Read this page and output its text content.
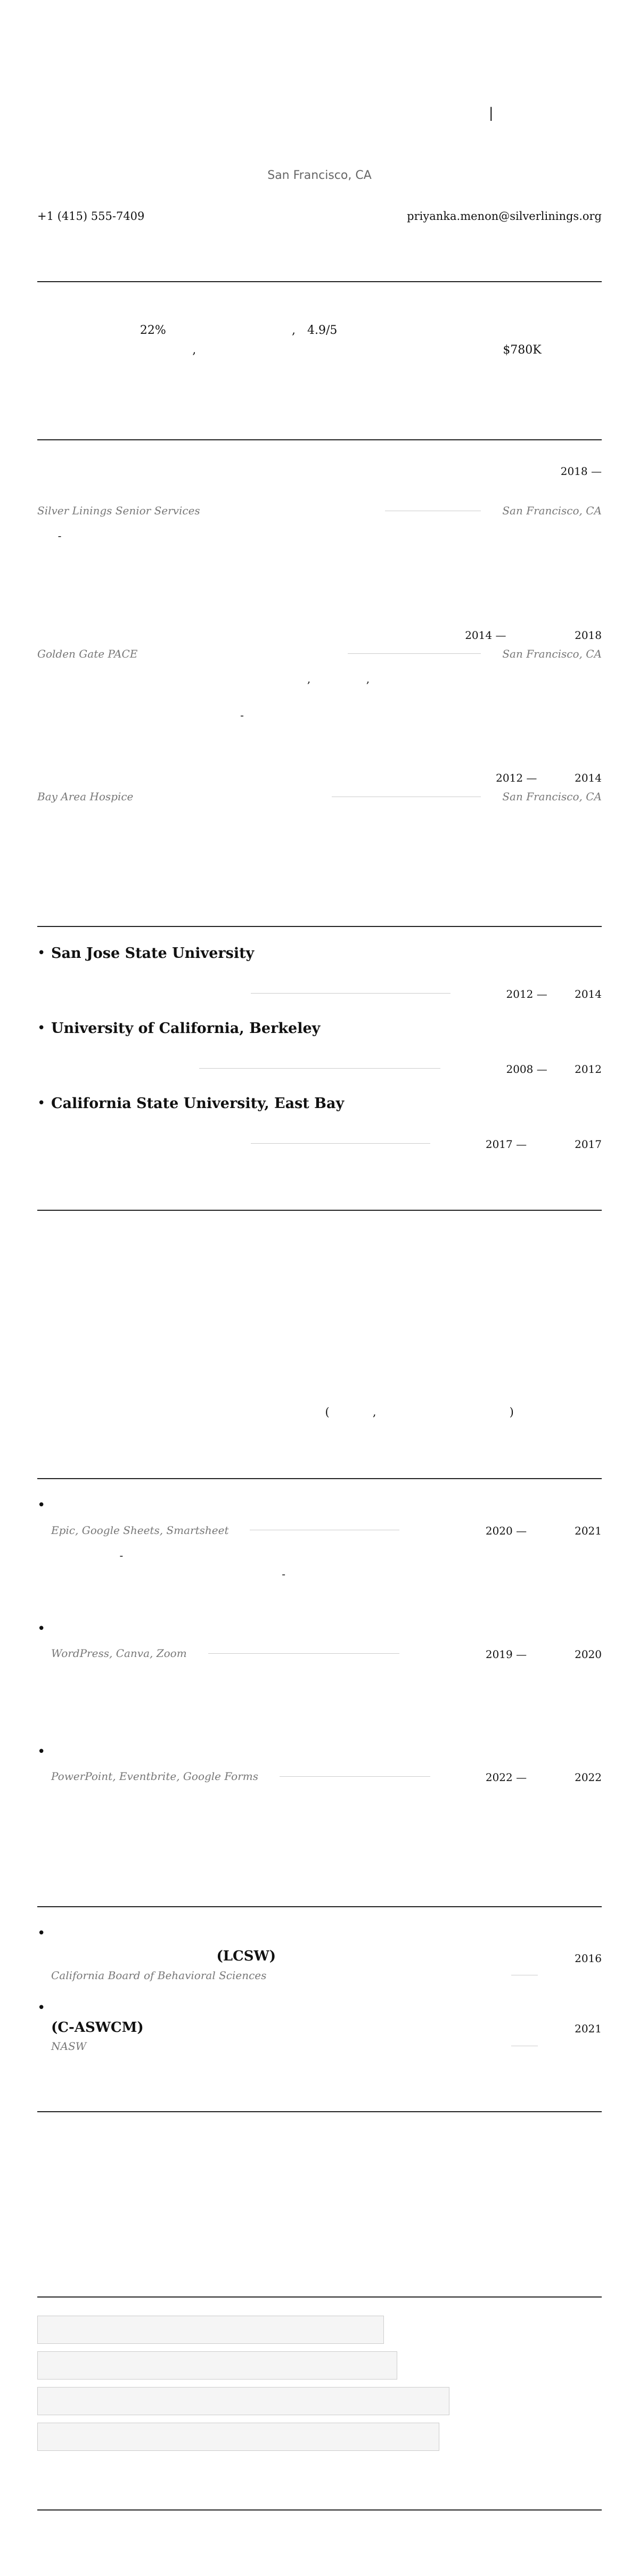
ᅟᅟᅟᅟᅟᅟᅟᅟᅟ ᅟᅟᅟᅟ
ᅟᅟᅟᅟᅟᅟᅟᅟᅟᅟᅟᅟ ᅟᅟᅟᅟᅟᅟᅟ ᅟᅟᅟᅟᅟᅟᅟᅟᅟᅟᅟ | ᅟᅟᅟᅟᅟ ᅟᅟ ᅟᅟᅟᅟᅟᅟᅟᅟᅟᅟᅟ ᅟᅟ ᅟᅟᅟᅟᅟᅟᅟᅟᅟᅟ ᅟᅟᅟᅟᅟᅟ ᅟᅟᅟᅟᅟᅟᅟᅟᅟ
San Francisco, CA
+1 (415) 555-7409	priyanka.menon@silverlinings.org
ᅟᅟᅟᅟᅟᅟᅟᅟᅟᅟᅟ ᅟᅟᅟᅟᅟᅟᅟᅟᅟᅟᅟ

ᅟᅟᅟᅟᅟᅟᅟᅟᅟᅟᅟᅟ ᅟᅟᅟᅟᅟᅟᅟ ᅟᅟᅟᅟᅟᅟᅟᅟᅟᅟᅟ ᅟᅟ ᅟᅟᅟᅟᅟᅟᅟᅟᅟ ᅟᅟᅟ ᅟᅟᅟᅟᅟ ᅟᅟ 22% ᅟᅟ ᅟᅟᅟᅟ ᅟᅟ, 4.9/5 ᅟᅟᅟᅟᅟᅟᅟᅟᅟᅟᅟᅟᅟ ᅟᅟᅟᅟᅟᅟᅟᅟᅟ ᅟᅟᅟᅟᅟᅟᅟ ᅟᅟᅟᅟ ᅟᅟ, ᅟᅟ ᅟᅟᅟᅟᅟᅟᅟᅟᅟᅟ ᅟᅟᅟᅟ ᅟᅟᅟᅟᅟᅟᅟ ᅟᅟ $780K ᅟᅟᅟᅟᅟ ᅟᅟ ᅟᅟᅟᅟᅟᅟ ᅟᅟᅟ

ᅟᅟᅟᅟ ᅟᅟᅟᅟᅟ
ᅟᅟᅟᅟᅟᅟᅟᅟ ᅟᅟᅟᅟᅟᅟᅟᅟᅟᅟᅟᅟᅟ ᅟᅟᅟᅟᅟᅟᅟ ᅟᅟᅟᅟᅟᅟᅟᅟᅟᅟᅟ
ᅟᅟ 2018 —
Silver Linings Senior Services	San Francisco, CA
ᅟᅟ-ᅟᅟᅟᅟᅟᅟ ᅟᅟᅟᅟᅟᅟᅟᅟᅟᅟ ᅟᅟᅟᅟ ᅟᅟ ᅟᅟᅟᅟᅟᅟᅟᅟ ᅟᅟᅟᅟᅟᅟᅟᅟ ᅟᅟ ᅟᅟᅟᅟᅟᅟᅟᅟᅟᅟᅟᅟ ᅟᅟᅟᅟᅟᅟᅟ ᅟᅟᅟᅟᅟᅟᅟ ᅟᅟᅟᅟᅟᅟᅟ ᅟᅟᅟᅟ ᅟᅟ ᅟᅟᅟᅟᅟᅟᅟᅟᅟᅟᅟ ᅟᅟ ᅟᅟᅟᅟᅟ ᅟᅟᅟᅟᅟᅟᅟᅟᅟᅟᅟ ᅟᅟᅟᅟ ᅟᅟᅟᅟ ᅟᅟᅟ ᅟᅟᅟᅟ ᅟᅟ ᅟᅟ ᅟᅟᅟᅟᅟᅟᅟ ᅟᅟᅟᅟᅟᅟᅟᅟᅟᅟᅟᅟᅟᅟ ᅟᅟ ᅟᅟᅟᅟᅟᅟᅟ ᅟᅟᅟᅟᅟᅟ ᅟᅟᅟᅟᅟ
ᅟᅟᅟᅟᅟ ᅟᅟᅟᅟᅟᅟᅟ ᅟᅟᅟᅟᅟᅟᅟᅟᅟᅟᅟ	ᅟᅟᅟᅟ 2014 — ᅟᅟᅟᅟᅟᅟ 2018
Golden Gate PACE	San Francisco, CA
ᅟᅟᅟᅟᅟᅟᅟᅟᅟ ᅟᅟ ᅟᅟᅟ ᅟᅟᅟᅟᅟᅟᅟᅟ, ᅟᅟᅟᅟ, ᅟᅟ ᅟᅟᅟᅟᅟᅟᅟᅟ ᅟᅟᅟᅟᅟᅟ ᅟᅟ ᅟᅟᅟᅟᅟᅟᅟᅟ ᅟᅟᅟᅟ ᅟᅟ ᅟᅟᅟ ᅟᅟᅟᅟᅟᅟᅟᅟᅟᅟᅟᅟ ᅟᅟᅟᅟ ᅟᅟᅟᅟᅟᅟᅟ ᅟᅟ ᅟᅟᅟᅟᅟᅟ ᅟᅟᅟᅟᅟᅟ ᅟᅟᅟ ᅟᅟᅟᅟᅟᅟᅟᅟᅟᅟ-ᅟᅟᅟᅟᅟᅟᅟ ᅟᅟᅟᅟᅟᅟ ᅟᅟᅟᅟᅟᅟ ᅟᅟ ᅟᅟᅟᅟᅟᅟᅟᅟ ᅟᅟᅟᅟ ᅟᅟ ᅟᅟᅟᅟᅟᅟ ᅟᅟ ᅟᅟᅟᅟᅟᅟᅟᅟᅟᅟ ᅟᅟᅟᅟᅟᅟ ᅟᅟ ᅟᅟᅟᅟᅟᅟᅟ
ᅟᅟᅟᅟᅟᅟᅟ ᅟᅟᅟᅟᅟᅟ ᅟᅟᅟᅟᅟᅟᅟᅟᅟ	ᅟᅟᅟ 2012 — ᅟᅟᅟ 2014
Bay Area Hospice	San Francisco, CA
ᅟᅟᅟᅟᅟᅟᅟ ᅟᅟ ᅟᅟᅟᅟᅟᅟᅟᅟ ᅟᅟ ᅟᅟᅟᅟ ᅟᅟ ᅟᅟᅟ ᅟᅟᅟᅟᅟᅟᅟᅟ ᅟᅟ ᅟᅟᅟ ᅟᅟᅟᅟᅟᅟᅟᅟ ᅟᅟᅟᅟᅟᅟᅟ ᅟᅟᅟᅟᅟᅟᅟᅟᅟᅟᅟ ᅟᅟᅟᅟᅟᅟᅟ ᅟᅟ ᅟᅟᅟᅟᅟᅟ ᅟᅟᅟᅟ ᅟᅟ ᅟᅟᅟᅟᅟ ᅟᅟᅟᅟ ᅟᅟ ᅟᅟ ᅟᅟᅟᅟ ᅟᅟ ᅟᅟᅟ ᅟᅟᅟᅟᅟ ᅟᅟᅟᅟᅟᅟ ᅟᅟᅟᅟ ᅟᅟᅟ ᅟᅟᅟᅟᅟᅟ ᅟᅟᅟ
ᅟᅟᅟᅟᅟ
• San Jose State University
ᅟᅟᅟᅟᅟᅟᅟ ᅟᅟᅟᅟᅟ ᅟᅟ ᅟᅟᅟᅟᅟᅟ
ᅟᅟᅟᅟᅟᅟᅟᅟᅟᅟᅟᅟᅟ ᅟᅟᅟᅟ	ᅟᅟᅟ 2012 — ᅟᅟ 2014
• University of California, Berkeley
ᅟᅟᅟ ᅟᅟᅟᅟᅟᅟ
ᅟᅟᅟᅟᅟᅟ ᅟᅟᅟᅟᅟᅟ	ᅟᅟᅟᅟ 2008 — ᅟᅟ 2012
• California State University, East Bay
ᅟᅟᅟᅟᅟᅟᅟᅟᅟᅟ
ᅟᅟᅟᅟᅟᅟᅟᅟᅟᅟᅟ ᅟᅟᅟᅟᅟᅟ	ᅟᅟᅟ 2017 — ᅟᅟᅟᅟ 2017
ᅟᅟᅟᅟ
ᅟᅟᅟᅟᅟᅟᅟᅟᅟ
ᅟᅟᅟᅟᅟᅟ ᅟᅟᅟᅟᅟᅟᅟᅟᅟᅟᅟ ᅟᅟᅟᅟᅟᅟᅟᅟᅟᅟ	ᅟᅟᅟᅟᅟ
ᅟᅟᅟᅟᅟᅟ
ᅟᅟᅟᅟᅟᅟᅟᅟᅟᅟᅟ ᅟᅟᅟᅟᅟᅟ ᅟᅟ ᅟᅟᅟᅟ ᅟᅟᅟᅟᅟᅟ	ᅟᅟᅟᅟᅟ
ᅟᅟᅟᅟᅟ
ᅟᅟᅟ ᅟᅟᅟᅟᅟᅟᅟᅟᅟ ᅟᅟ ᅟᅟᅟᅟᅟ ᅟᅟᅟᅟᅟ ᅟᅟᅟᅟᅟᅟᅟ	ᅟᅟᅟᅟᅟ
ᅟᅟᅟᅟᅟᅟᅟᅟᅟᅟᅟᅟ
ᅟᅟᅟᅟᅟ ᅟᅟ ᅟᅟᅟᅟᅟᅟᅟ ᅟᅟᅟᅟᅟᅟ ᅟᅟᅟᅟᅟ (ᅟᅟᅟᅟ, ᅟᅟᅟᅟᅟᅟᅟᅟᅟᅟᅟᅟ)	ᅟᅟᅟᅟᅟ
ᅟᅟᅟᅟᅟᅟᅟᅟᅟᅟᅟ
• ᅟᅟᅟᅟᅟ ᅟᅟ ᅟᅟᅟᅟᅟᅟᅟᅟᅟᅟᅟᅟ ᅟᅟᅟᅟᅟᅟᅟ ᅟᅟᅟ
Epic, Google Sheets, Smartsheet	ᅟᅟᅟᅟᅟᅟ 2020 — ᅟᅟᅟᅟ 2021
ᅟᅟᅟᅟᅟᅟᅟᅟ-ᅟᅟᅟ ᅟᅟᅟᅟᅟᅟᅟᅟᅟᅟᅟ ᅟᅟ ᅟᅟᅟ ᅟᅟᅟᅟᅟᅟ ᅟᅟᅟᅟᅟᅟ ᅟᅟᅟᅟᅟᅟᅟᅟᅟᅟᅟ ᅟᅟᅟᅟᅟᅟ ᅟᅟᅟᅟᅟ ᅟᅟ ᅟᅟᅟ ᅟᅟ ᅟᅟᅟᅟ-ᅟᅟᅟᅟᅟ ᅟᅟᅟᅟᅟᅟᅟᅟᅟ ᅟᅟ ᅟᅟᅟ ᅟᅟᅟᅟᅟᅟᅟ ᅟᅟᅟ ᅟᅟᅟᅟᅟ ᅟᅟᅟᅟ ᅟᅟ ᅟᅟᅟᅟᅟᅟᅟᅟᅟᅟ ᅟᅟᅟᅟᅟᅟᅟᅟᅟᅟᅟᅟ ᅟᅟ ᅟᅟᅟᅟᅟᅟᅟ ᅟᅟᅟᅟᅟᅟᅟ
• ᅟᅟᅟᅟᅟᅟᅟᅟᅟ ᅟᅟᅟᅟᅟᅟ ᅟᅟᅟᅟᅟᅟ ᅟᅟ
WordPress, Canva, Zoom	ᅟᅟᅟᅟᅟᅟ 2019 — ᅟᅟᅟᅟ 2020
ᅟᅟᅟᅟᅟᅟᅟᅟᅟ ᅟᅟᅟᅟᅟᅟᅟᅟ ᅟᅟ ᅟᅟᅟᅟᅟᅟᅟᅟᅟᅟ ᅟᅟᅟᅟᅟᅟᅟᅟ ᅟᅟ ᅟᅟᅟᅟ ᅟᅟ ᅟᅟᅟᅟᅟᅟᅟ ᅟᅟ ᅟᅟᅟᅟᅟᅟᅟᅟᅟ ᅟᅟ ᅟᅟᅟᅟᅟᅟᅟ ᅟᅟ ᅟᅟᅟᅟᅟᅟ ᅟᅟ ᅟᅟᅟᅟᅟᅟ ᅟᅟ ᅟᅟᅟᅟᅟᅟᅟᅟᅟ ᅟᅟ ᅟᅟᅟ ᅟᅟᅟᅟᅟ ᅟᅟ ᅟᅟ ᅟᅟᅟᅟᅟ
• ᅟᅟᅟᅟ ᅟᅟᅟᅟᅟᅟ ᅟᅟᅟᅟᅟᅟᅟᅟᅟ ᅟᅟᅟᅟᅟᅟᅟᅟᅟᅟ
PowerPoint, Eventbrite, Google Forms	ᅟᅟᅟ 2022 — ᅟᅟᅟᅟ 2022
ᅟᅟᅟᅟᅟᅟᅟᅟ ᅟᅟ ᅟᅟᅟ ᅟᅟᅟᅟᅟ ᅟᅟ ᅟᅟᅟᅟᅟᅟᅟᅟᅟ ᅟᅟᅟᅟᅟᅟ ᅟᅟ ᅟᅟᅟᅟᅟᅟᅟᅟᅟᅟᅟᅟ ᅟᅟᅟᅟᅟᅟ ᅟᅟᅟᅟ ᅟᅟᅟᅟᅟᅟᅟᅟᅟᅟᅟᅟ ᅟᅟ ᅟᅟᅟᅟᅟ ᅟᅟᅟᅟᅟᅟᅟ ᅟᅟᅟ ᅟᅟᅟᅟᅟᅟᅟᅟᅟᅟᅟ ᅟᅟᅟᅟᅟᅟᅟ ᅟᅟᅟᅟ ᅟᅟ ᅟᅟᅟᅟ ᅟᅟ ᅟᅟᅟᅟ ᅟᅟᅟ ᅟᅟᅟ
ᅟᅟᅟᅟᅟᅟᅟᅟᅟᅟᅟᅟ
• ᅟᅟᅟᅟᅟᅟᅟ ᅟᅟᅟᅟᅟᅟ ᅟᅟᅟᅟᅟᅟᅟᅟ ᅟᅟᅟᅟᅟᅟ ᅟᅟᅟᅟᅟᅟᅟᅟᅟᅟᅟᅟ (LCSW)
ᅟᅟᅟᅟ 2016
California Board of Behavioral Sciences
• ᅟᅟᅟᅟᅟᅟᅟᅟ ᅟᅟᅟᅟᅟ ᅟᅟᅟᅟᅟᅟ ᅟᅟᅟᅟᅟ ᅟᅟᅟ ᅟᅟᅟᅟᅟᅟ (C-ASWCM)	ᅟᅟᅟᅟ 2021
NASW
ᅟᅟᅟᅟᅟ
ᅟᅟᅟᅟᅟᅟᅟᅟ	ᅟᅟᅟᅟᅟᅟᅟᅟᅟᅟ
ᅟᅟᅟᅟᅟ	ᅟᅟᅟᅟᅟᅟᅟᅟ
ᅟᅟᅟᅟᅟᅟᅟᅟᅟ	ᅟᅟᅟᅟᅟᅟᅟᅟᅟᅟᅟᅟ
ᅟᅟᅟᅟᅟᅟᅟ	ᅟᅟᅟᅟᅟ
ᅟᅟᅟ
ᅟᅟᅟᅟᅟᅟᅟᅟ ᅟᅟ ᅟᅟᅟ ᅟᅟᅟ ᅟᅟ ᅟᅟᅟᅟᅟᅟᅟ ᅟᅟᅟᅟᅟᅟ
ᅟᅟᅟᅟᅟᅟᅟᅟᅟᅟᅟ ᅟᅟᅟᅟ ᅟᅟᅟᅟᅟᅟᅟᅟ ᅟᅟᅟᅟᅟᅟ ᅟᅟᅟᅟ
ᅟᅟᅟᅟᅟᅟᅟ ᅟᅟᅟᅟᅟᅟ ᅟᅟᅟᅟᅟᅟᅟᅟ ᅟᅟᅟ ᅟᅟᅟᅟᅟᅟᅟᅟᅟᅟ ᅟᅟᅟᅟ
ᅟᅟᅟᅟᅟᅟᅟᅟᅟᅟᅟᅟ ᅟᅟ ᅟᅟᅟᅟᅟᅟ ᅟᅟ ᅟᅟᅟᅟᅟᅟᅟᅟᅟ ᅟᅟᅟᅟᅟᅟ
ᅟᅟᅟᅟᅟᅟ
ᅟᅟᅟᅟᅟᅟᅟ ᅟᅟ ᅟᅟᅟᅟᅟᅟᅟᅟ
